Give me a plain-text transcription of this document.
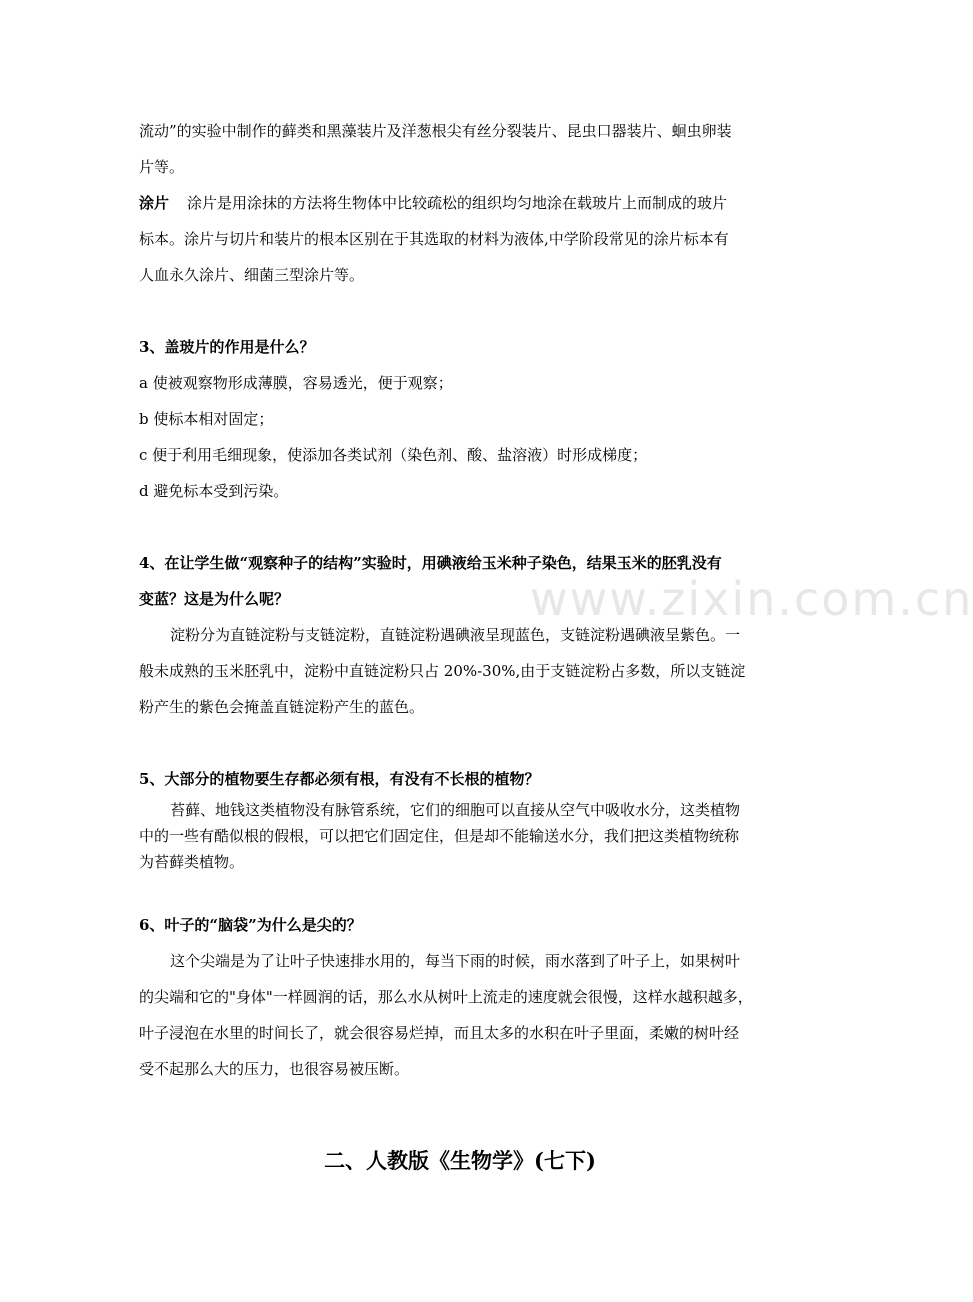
www.zixin.com.cn
流动”的实验中制作的藓类和黑藻装片及洋葱根尖有丝分裂装片、昆虫口器装片、蛔虫卵装
片等。
涂片 涂片是用涂抹的方法将生物体中比较疏松的组织均匀地涂在载玻片上而制成的玻片
标本。涂片与切片和装片的根本区别在于其选取的材料为液体,中学阶段常见的涂片标本有
人血永久涂片、细菌三型涂片等。
3、盖玻片的作用是什么？
a 使被观察物形成薄膜，容易透光，便于观察；
b 使标本相对固定；
c 便于利用毛细现象，使添加各类试剂（染色剂、酸、盐溶液）时形成梯度；
d 避免标本受到污染。
4、在让学生做“观察种子的结构”实验时，用碘液给玉米种子染色，结果玉米的胚乳没有
变蓝？这是为什么呢？
淀粉分为直链淀粉与支链淀粉，直链淀粉遇碘液呈现蓝色，支链淀粉遇碘液呈紫色。一
般未成熟的玉米胚乳中，淀粉中直链淀粉只占 20%-30%,由于支链淀粉占多数，所以支链淀
粉产生的紫色会掩盖直链淀粉产生的蓝色。
5、大部分的植物要生存都必须有根，有没有不长根的植物？
苔藓、地钱这类植物没有脉管系统，它们的细胞可以直接从空气中吸收水分，这类植物
中的一些有酷似根的假根，可以把它们固定住，但是却不能输送水分，我们把这类植物统称
为苔藓类植物。
6、叶子的“脑袋”为什么是尖的？
这个尖端是为了让叶子快速排水用的，每当下雨的时候，雨水落到了叶子上，如果树叶
的尖端和它的"身体"一样圆润的话，那么水从树叶上流走的速度就会很慢，这样水越积越多，
叶子浸泡在水里的时间长了，就会很容易烂掉，而且太多的水积在叶子里面，柔嫩的树叶经
受不起那么大的压力，也很容易被压断。
二、人教版《生物学》(七下)
